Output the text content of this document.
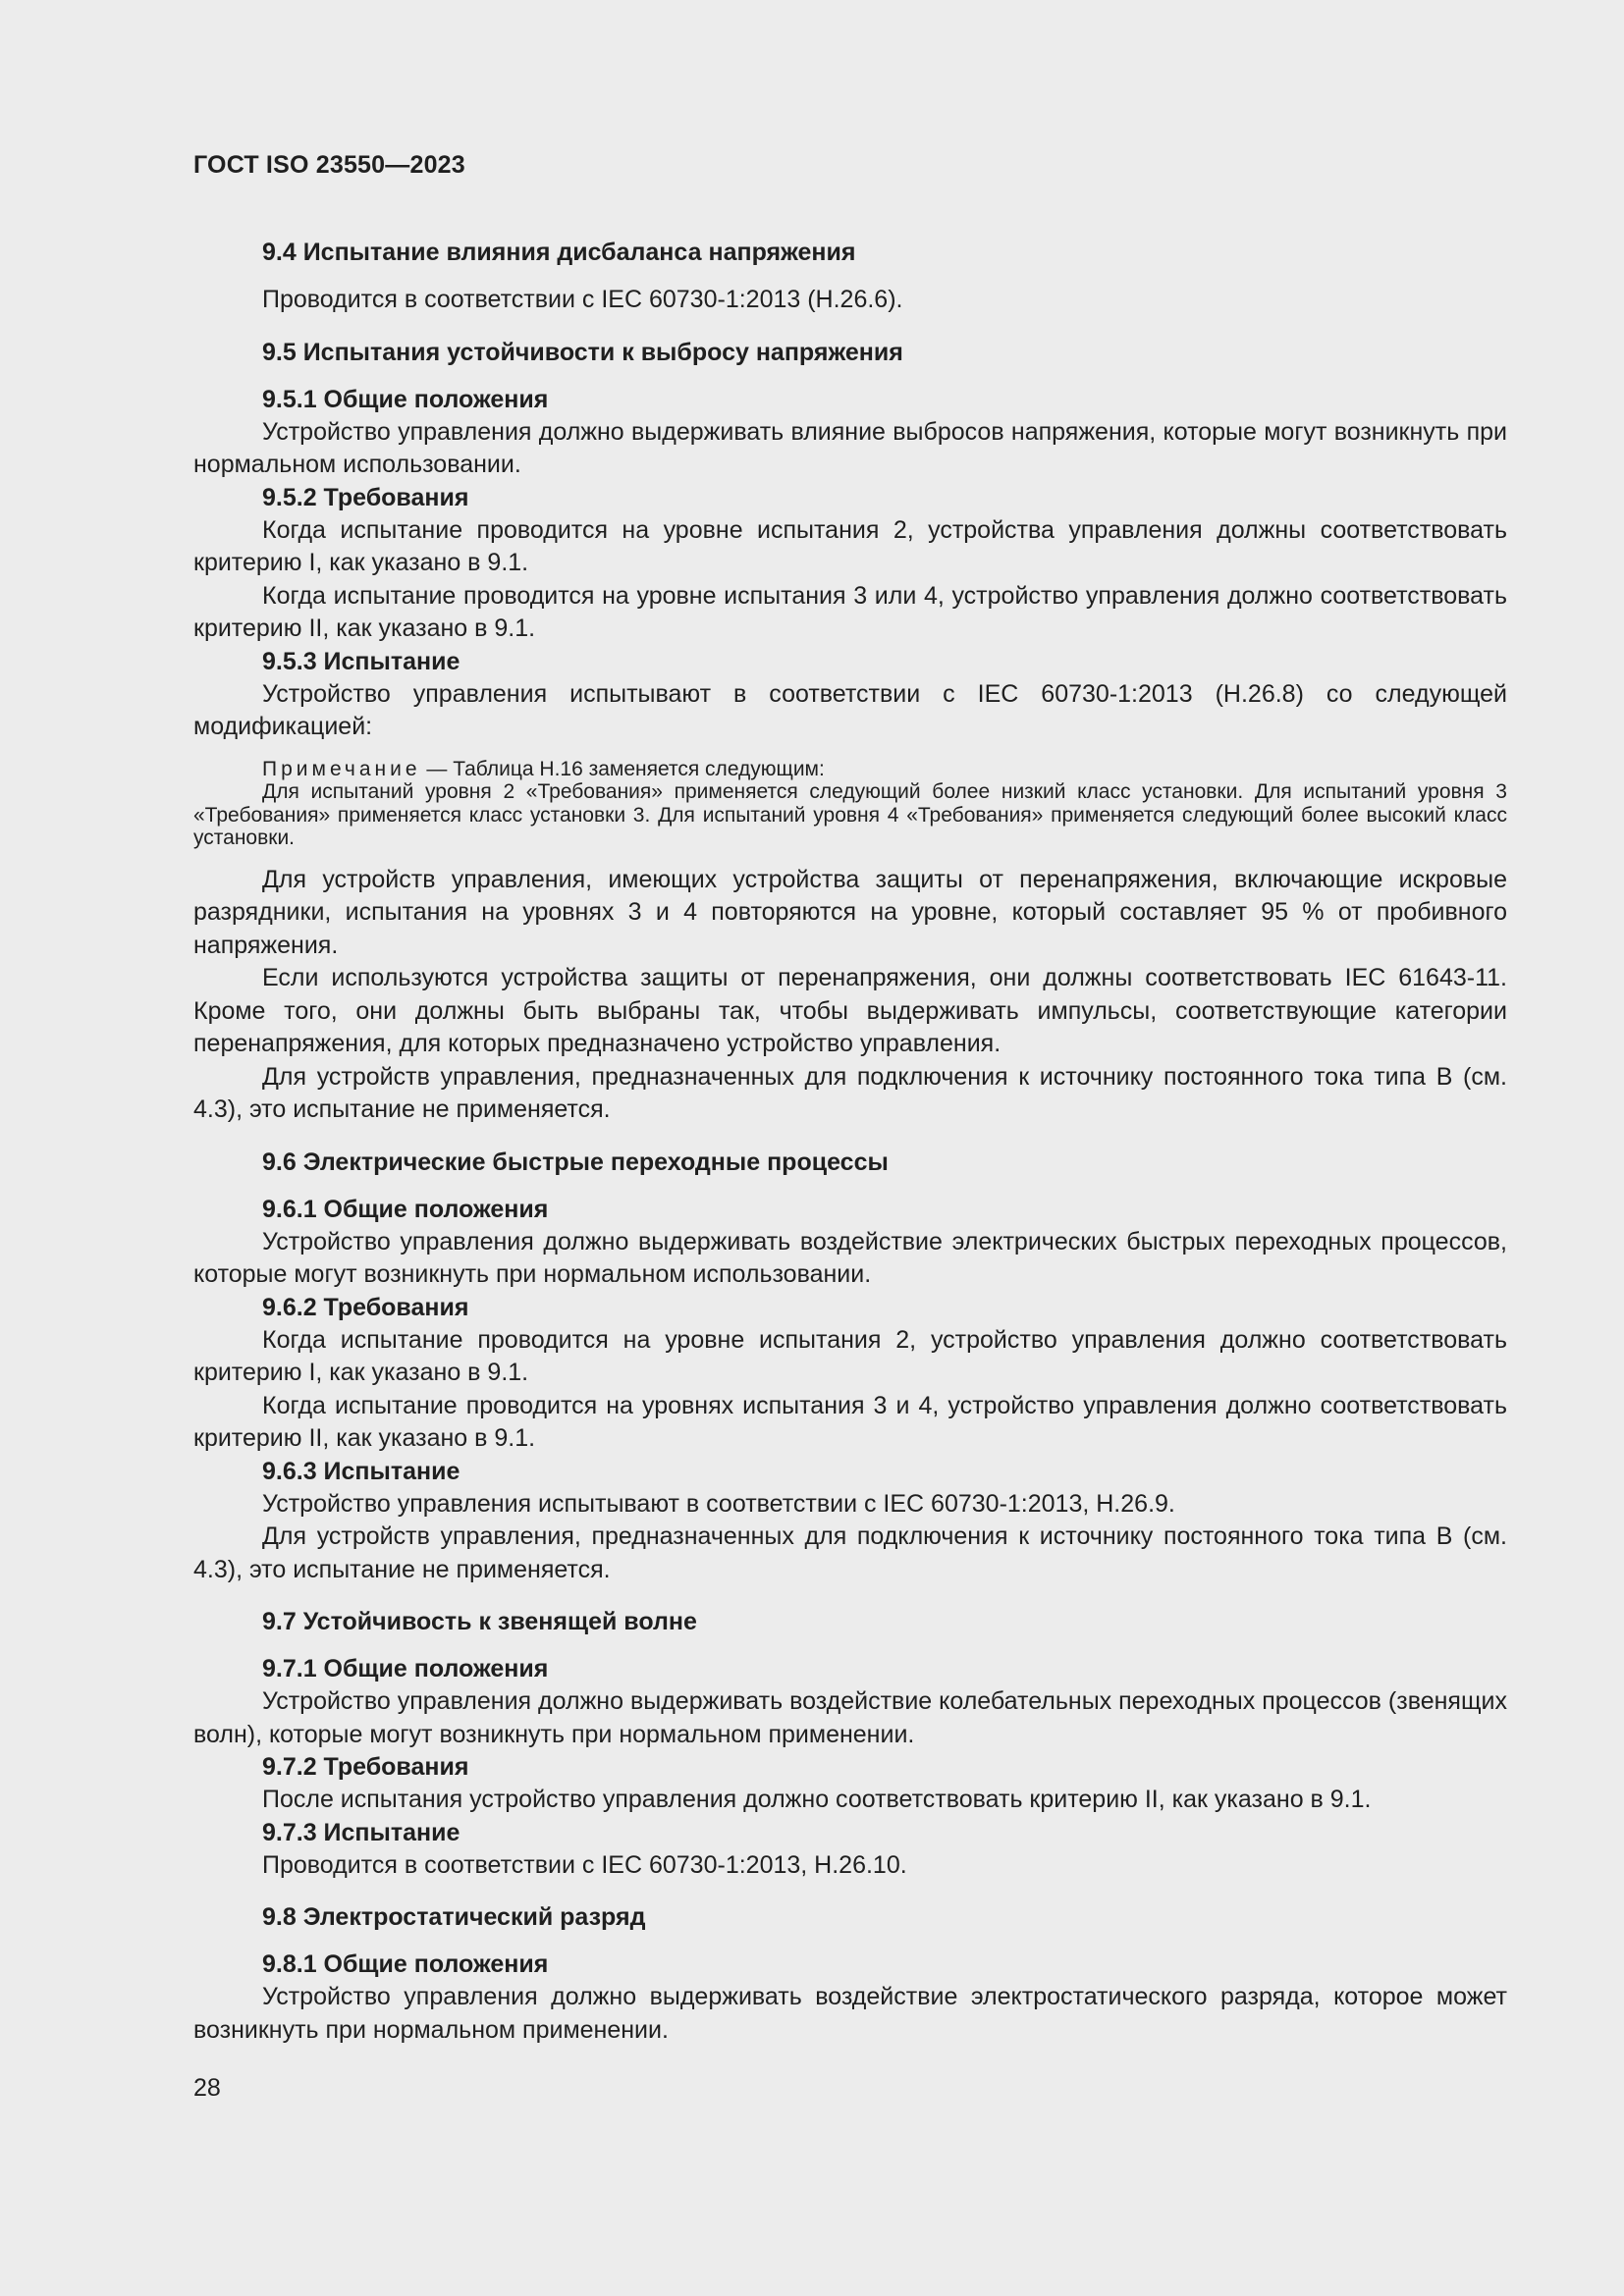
ГОСТ ISO 23550—2023
9.4 Испытание влияния дисбаланса напряжения
Проводится в соответствии с IEC 60730-1:2013 (Н.26.6).
9.5 Испытания устойчивости к выбросу напряжения
9.5.1 Общие положения
Устройство управления должно выдерживать влияние выбросов напряжения, которые могут возникнуть при нормальном использовании.
9.5.2 Требования
Когда испытание проводится на уровне испытания 2, устройства управления должны соответствовать критерию I, как указано в 9.1.
Когда испытание проводится на уровне испытания 3 или 4, устройство управления должно соответствовать критерию II, как указано в 9.1.
9.5.3 Испытание
Устройство управления испытывают в соответствии с IEC 60730-1:2013 (Н.26.8) со следующей модификацией:
Примечание — Таблица Н.16 заменяется следующим:
Для испытаний уровня 2 «Требования» применяется следующий более низкий класс установки. Для испытаний уровня 3 «Требования» применяется класс установки 3. Для испытаний уровня 4 «Требования» применяется следующий более высокий класс установки.
Для устройств управления, имеющих устройства защиты от перенапряжения, включающие искровые разрядники, испытания на уровнях 3 и 4 повторяются на уровне, который составляет 95 % от пробивного напряжения.
Если используются устройства защиты от перенапряжения, они должны соответствовать IEC 61643-11. Кроме того, они должны быть выбраны так, чтобы выдерживать импульсы, соответствующие категории перенапряжения, для которых предназначено устройство управления.
Для устройств управления, предназначенных для подключения к источнику постоянного тока типа В (см. 4.3), это испытание не применяется.
9.6 Электрические быстрые переходные процессы
9.6.1 Общие положения
Устройство управления должно выдерживать воздействие электрических быстрых переходных процессов, которые могут возникнуть при нормальном использовании.
9.6.2 Требования
Когда испытание проводится на уровне испытания 2, устройство управления должно соответствовать критерию I, как указано в 9.1.
Когда испытание проводится на уровнях испытания 3 и 4, устройство управления должно соответствовать критерию II, как указано в 9.1.
9.6.3 Испытание
Устройство управления испытывают в соответствии с IEC 60730-1:2013, Н.26.9.
Для устройств управления, предназначенных для подключения к источнику постоянного тока типа В (см. 4.3), это испытание не применяется.
9.7 Устойчивость к звенящей волне
9.7.1 Общие положения
Устройство управления должно выдерживать воздействие колебательных переходных процессов (звенящих волн), которые могут возникнуть при нормальном применении.
9.7.2 Требования
После испытания устройство управления должно соответствовать критерию II, как указано в 9.1.
9.7.3 Испытание
Проводится в соответствии с IEC 60730-1:2013, Н.26.10.
9.8 Электростатический разряд
9.8.1 Общие положения
Устройство управления должно выдерживать воздействие электростатического разряда, которое может возникнуть при нормальном применении.
28
